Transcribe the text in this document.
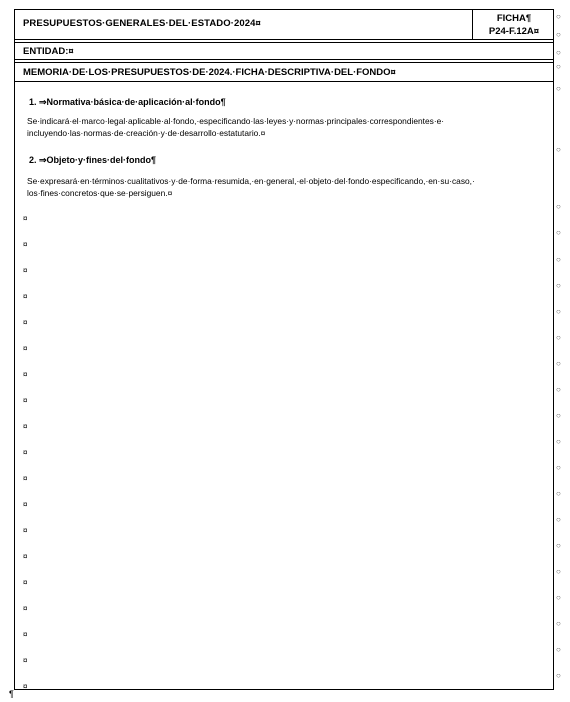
PRESUPUESTOS·GENERALES·DEL·ESTADO·2024¤	FICHA¶
P24-F.12A¤
ENTIDAD:¤
MEMORIA·DE·LOS·PRESUPUESTOS·DE·2024.·FICHA·DESCRIPTIVA·DEL·FONDO¤
1. ⇒Normativa·básica·de·aplicación·al·fondo¶
Se·indicará·el·marco·legal·aplicable·al·fondo,·especificando·las·leyes·y·normas·principales·correspondientes·e·
incluyendo·las·normas·de·creación·y·de·desarrollo·estatutario.¤
2. ⇒Objeto·y·fines·del·fondo¶
Se·expresará·en·términos·cualitativos·y·de·forma·resumida,·en·general,·el·objeto·del·fondo·especificando,·en·su·caso,·
los·fines·concretos·que·se·persiguen.¤
¤
¤
¤
¤
¤
¤
¤
¤
¤
¤
¤
¤
¤
¤
¤
¤
¤
¤
¤
○
○
○
○
○
○
○
○
○
○
○
○
○
○
○
○
○
○
○
○
○
○
○
○
○
¶
